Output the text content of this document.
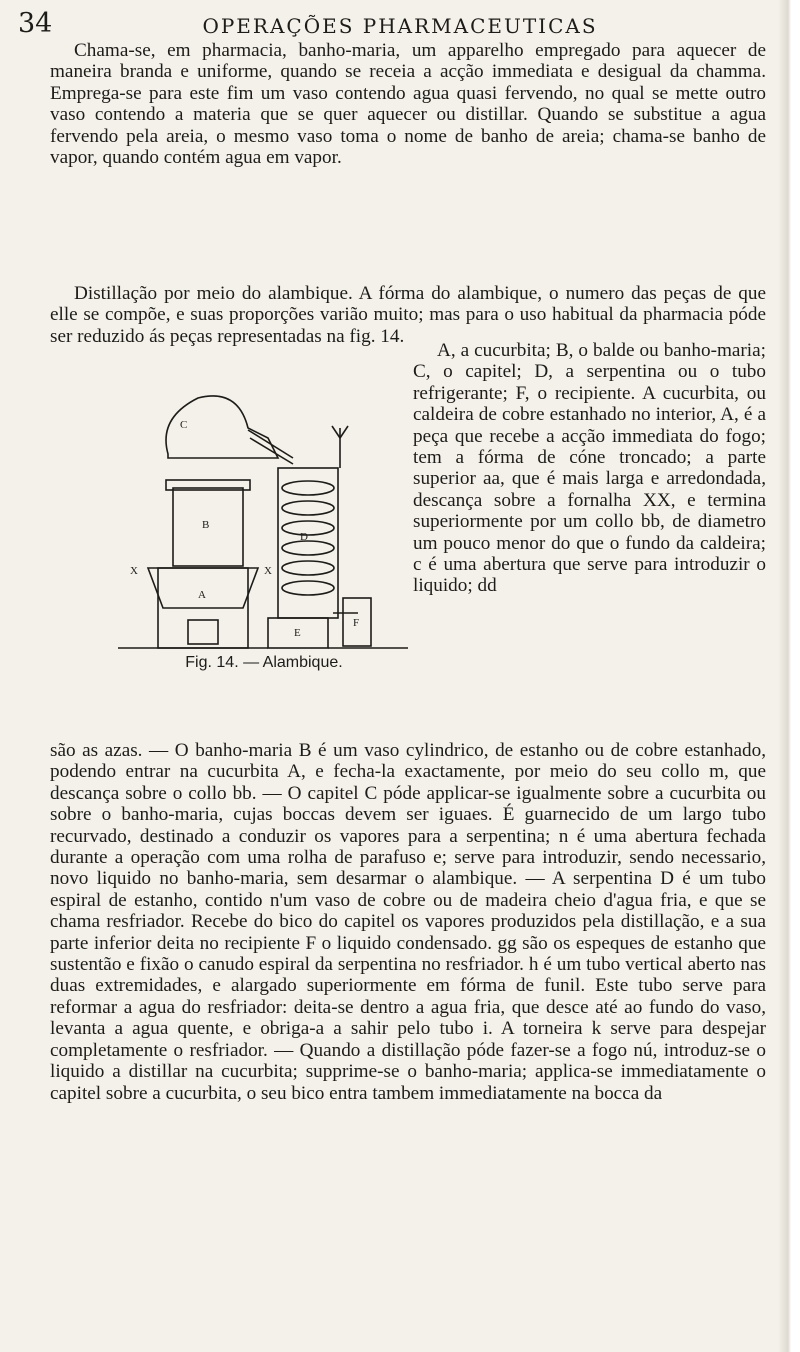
34	OPERAÇÕES PHARMACEUTICAS

Chama-se, em pharmacia, banho-maria, um apparelho empregado para aquecer de maneira branda e uniforme, quando se receia a acção immediata e desigual da chamma. Emprega-se para este fim um vaso contendo agua quasi fervendo, no qual se mette outro vaso contendo a materia que se quer aquecer ou distillar. Quando se substitue a agua fervendo pela areia, o mesmo vaso toma o nome de banho de areia; chama-se banho de vapor, quando contém agua em vapor.

Distillação por meio do alambique. A fórma do alambique, o numero das peças de que elle se compõe, e suas proporções varião muito; mas para o uso habitual da pharmacia póde ser reduzido ás peças representadas na fig. 14.

A, a cucurbita; B, o balde ou banho-maria; C, o capitel; D, a serpentina ou o tubo refrigerante; F, o recipiente. A cucurbita, ou caldeira de cobre estanhado no interior, A, é a peça que recebe a acção immediata do fogo; tem a fórma de cóne troncado; a parte superior aa, que é mais larga e arredondada, descança sobre a fornalha XX, e termina superiormente por um collo bb, de diametro um pouco menor do que o fundo da caldeira; c é uma abertura que serve para introduzir o liquido; dd

C
B
A
D
E
F
X	X
Fig. 14. — Alambique.

são as azas. — O banho-maria B é um vaso cylindrico, de estanho ou de cobre estanhado, podendo entrar na cucurbita A, e fecha-la exactamente, por meio do seu collo m, que descança sobre o collo bb. — O capitel C póde applicar-se igualmente sobre a cucurbita ou sobre o banho-maria, cujas boccas devem ser iguaes. É guarnecido de um largo tubo recurvado, destinado a conduzir os vapores para a serpentina; n é uma abertura fechada durante a operação com uma rolha de parafuso e; serve para introduzir, sendo necessario, novo liquido no banho-maria, sem desarmar o alambique. — A serpentina D é um tubo espiral de estanho, contido n'um vaso de cobre ou de madeira cheio d'agua fria, e que se chama resfriador. Recebe do bico do capitel os vapores produzidos pela distillação, e a sua parte inferior deita no recipiente F o liquido condensado. gg são os espeques de estanho que sustentão e fixão o canudo espiral da serpentina no resfriador. h é um tubo vertical aberto nas duas extremidades, e alargado superiormente em fórma de funil. Este tubo serve para reformar a agua do resfriador: deita-se dentro a agua fria, que desce até ao fundo do vaso, levanta a agua quente, e obriga-a a sahir pelo tubo i. A torneira k serve para despejar completamente o resfriador. — Quando a distillação póde fazer-se a fogo nú, introduz-se o liquido a distillar na cucurbita; supprime-se o banho-maria; applica-se immediatamente o capitel sobre a cucurbita, o seu bico entra tambem immediatamente na bocca da
